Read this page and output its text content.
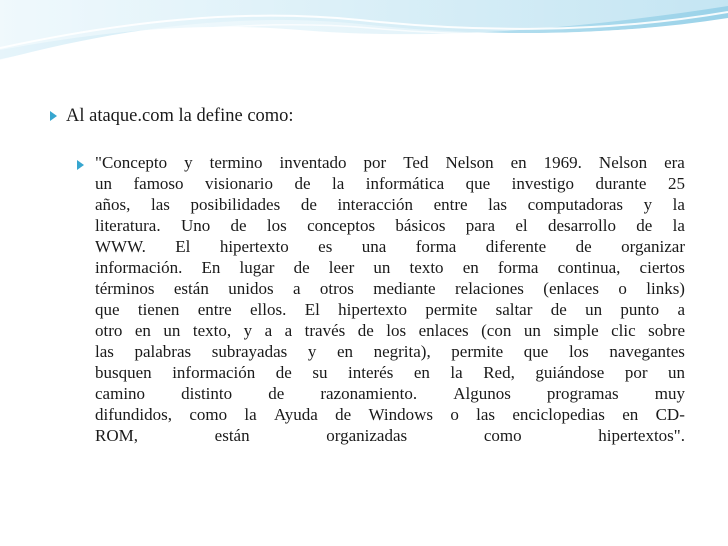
Al ataque.com la define como:

"Concepto y termino inventado por Ted Nelson en 1969. Nelson era

un famoso visionario de la informática que investigo durante 25

años, las posibilidades de interacción entre las computadoras y la

literatura. Uno de los conceptos básicos para el desarrollo de la

WWW. El hipertexto es una forma diferente de organizar

información. En lugar de leer un texto en forma continua, ciertos

términos están unidos a otros mediante relaciones (enlaces o links)

que tienen entre ellos. El hipertexto permite saltar de un punto a

otro en un texto, y a a través de los enlaces (con un simple clic sobre

las palabras subrayadas y en negrita), permite que los navegantes

busquen información de su interés en la Red, guiándose por un

camino distinto de razonamiento. Algunos programas muy

difundidos, como la Ayuda de Windows o las enciclopedias en CD-

ROM,	están	organizadas	como	hipertextos".
